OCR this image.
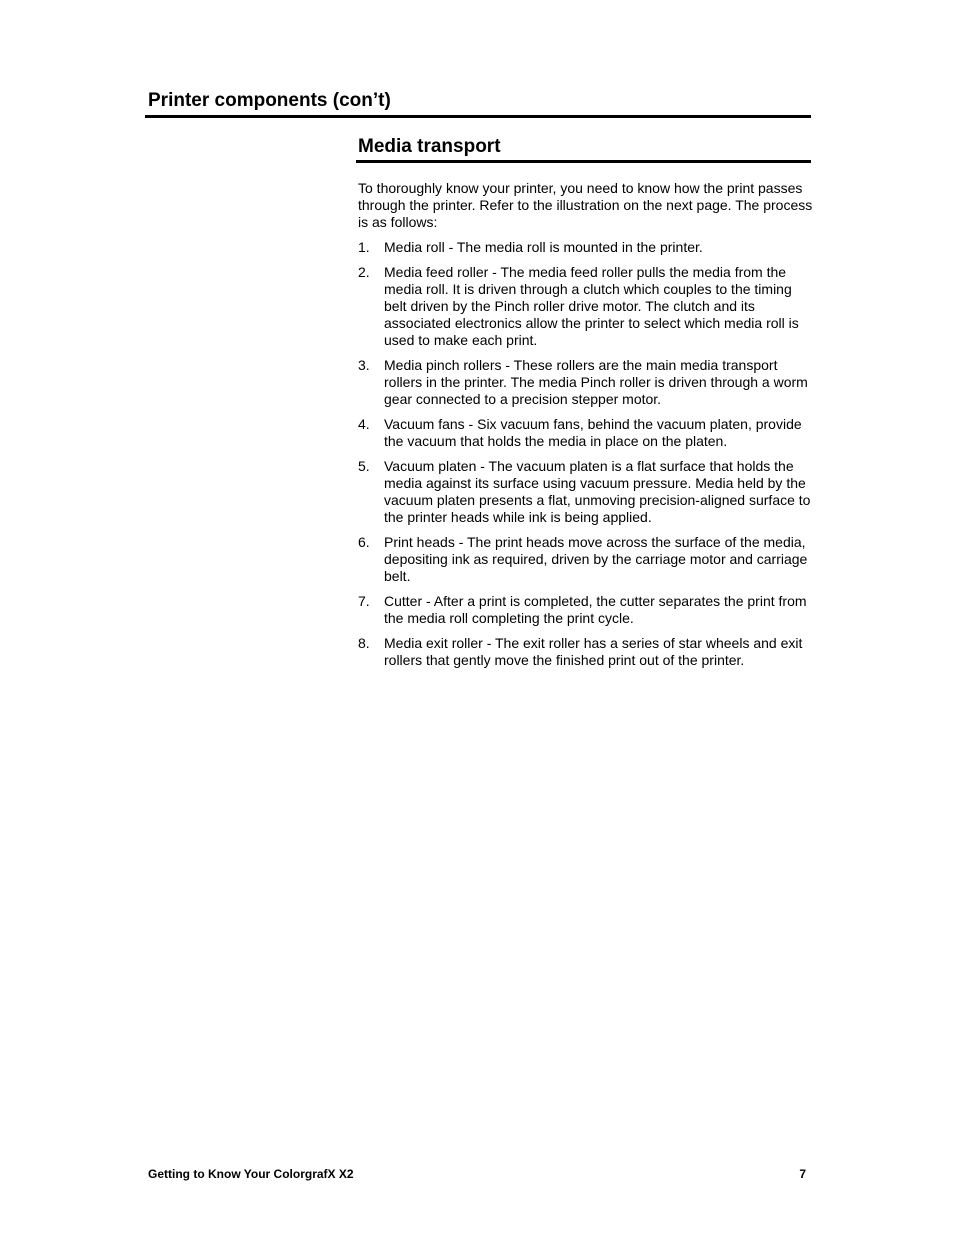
Printer components (con’t)
Media transport

To thoroughly know your printer, you need to know how the print passes through the printer. Refer to the illustration on the next page. The process is as follows:

1.	Media roll - The media roll is mounted in the printer.
2.	Media feed roller - The media feed roller pulls the media from the media roll. It is driven through a clutch which couples to the timing belt driven by the Pinch roller drive motor. The clutch and its associated electronics allow the printer to select which media roll is used to make each print.
3.	Media pinch rollers - These rollers are the main media transport rollers in the printer. The media Pinch roller is driven through a worm gear connected to a precision stepper motor.
4.	Vacuum fans - Six vacuum fans, behind the vacuum platen, provide the vacuum that holds the media in place on the platen.
5.	Vacuum platen - The vacuum platen is a flat surface that holds the media against its surface using vacuum pressure. Media held by the vacuum platen presents a flat, unmoving precision-aligned surface to the printer heads while ink is being applied.
6.	Print heads - The print heads move across the surface of the media, depositing ink as required, driven by the carriage motor and carriage belt.
7.	Cutter - After a print is completed, the cutter separates the print from the media roll completing the print cycle.
8.	Media exit roller - The exit roller has a series of star wheels and exit rollers that gently move the finished print out of the printer.
Getting to Know Your ColorgrafX X2	7
